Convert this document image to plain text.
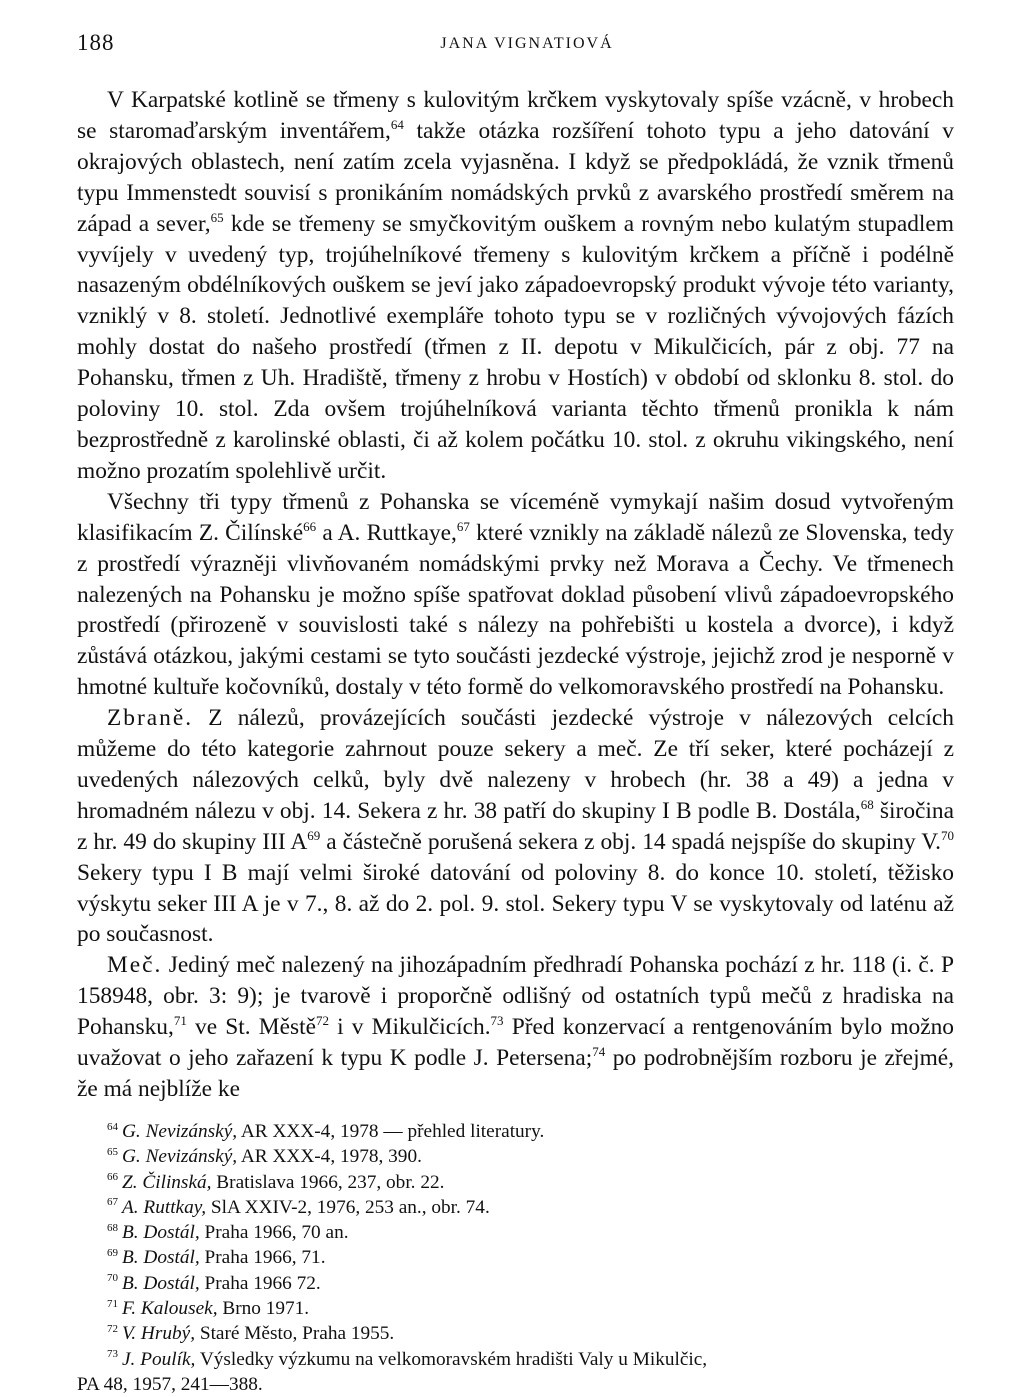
188	JANA VIGNATIOVÁ

V Karpatské kotlině se třmeny s kulovitým krčkem vyskytovaly spíše vzácně, v hrobech se staromaďarským inventářem,$^{64}$ takže otázka rozšíření tohoto typu a jeho datování v okrajových oblastech, není zatím zcela vyjasněna. I když se předpokládá, že vznik třmenů typu Immenstedt souvisí s pronikáním nomádských prvků z avarského prostředí směrem na západ a sever,$^{65}$ kde se třemeny se smyčkovitým ouškem a rovným nebo kulatým stupadlem vyvíjely v uvedený typ, trojúhelníkové třemeny s kulovitým krčkem a příčně i podélně nasazeným obdélníkových ouškem se jeví jako západoevropský produkt vývoje této varianty, vzniklý v 8. století. Jednotlivé exempláře tohoto typu se v rozličných vývojových fázích mohly dostat do našeho prostředí (třmen z II. depotu v Mikulčicích, pár z obj. 77 na Pohansku, třmen z Uh. Hradiště, třmeny z hrobu v Hostích) v období od sklonku 8. stol. do poloviny 10. stol. Zda ovšem trojúhelníková varianta těchto třmenů pronikla k nám bezprostředně z karolinské oblasti, či až kolem počátku 10. stol. z okruhu vikingského, není možno prozatím spolehlivě určit.

Všechny tři typy třmenů z Pohanska se víceméně vymykají našim dosud vytvořeným klasifikacím Z. Čilínské$^{66}$ a A. Ruttkaye,$^{67}$ které vznikly na základě nálezů ze Slovenska, tedy z prostředí výrazněji vlivňovaném nomádskými prvky než Morava a Čechy. Ve třmenech nalezených na Pohansku je možno spíše spatřovat doklad působení vlivů západoevropského prostředí (přirozeně v souvislosti také s nálezy na pohřebišti u kostela a dvorce), i když zůstává otázkou, jakými cestami se tyto součásti jezdecké výstroje, jejichž zrod je nesporně v hmotné kultuře kočovníků, dostaly v této formě do velkomoravského prostředí na Pohansku.

Zbraně. Z nálezů, provázejících součásti jezdecké výstroje v nálezových celcích můžeme do této kategorie zahrnout pouze sekery a meč. Ze tří seker, které pocházejí z uvedených nálezových celků, byly dvě nalezeny v hrobech (hr. 38 a 49) a jedna v hromadném nálezu v obj. 14. Sekera z hr. 38 patří do skupiny I B podle B. Dostála,$^{68}$ širočina z hr. 49 do skupiny III $A^{69}$ a částečně porušená sekera z obj. 14 spadá nejspíše do skupiny V.$^{70}$ Sekery typu I B mají velmi široké datování od poloviny 8. do konce 10. století, těžisko výskytu seker III A je v 7., 8. až do 2. pol. 9. stol. Sekery typu V se vyskytovaly od laténu až po současnost.

Meč. Jediný meč nalezený na jihozápadním předhradí Pohanska pochází z hr. 118 (i. č. P 158948, obr. 3: 9); je tvarově i proporčně odlišný od ostatních typů mečů z hradiska na Pohansku,$^{71}$ ve St. Městě$^{72}$ i v Mikulčicích.$^{73}$ Před konzervací a rentgenováním bylo možno uvažovat o jeho zařazení k typu K podle J. Petersena;$^{74}$ po podrobnějším rozboru je zřejmé, že má nejblíže ke

$^{64}$ G. Nevizánský, AR XXX-4, 1978 — přehled literatury.

$^{65}$ G. Nevizánský, AR XXX-4, 1978, 390.

$^{66}$ Z. Čilinská, Bratislava 1966, 237, obr. 22.

$^{67}$ A. Ruttkay, SlA XXIV-2, 1976, 253 an., obr. 74.

$^{68}$ B. Dostál, Praha 1966, 70 an.

$^{69}$ B. Dostál, Praha 1966, 71.

$^{70}$ B. Dostál, Praha 1966 72.

$^{71}$ F. Kalousek, Brno 1971.

$^{72}$ V. Hrubý, Staré Město, Praha 1955.

$^{73}$ J. Poulík, Výsledky výzkumu na velkomoravském hradišti Valy u Mikulčic,

PA 48, 1957, 241—388.
